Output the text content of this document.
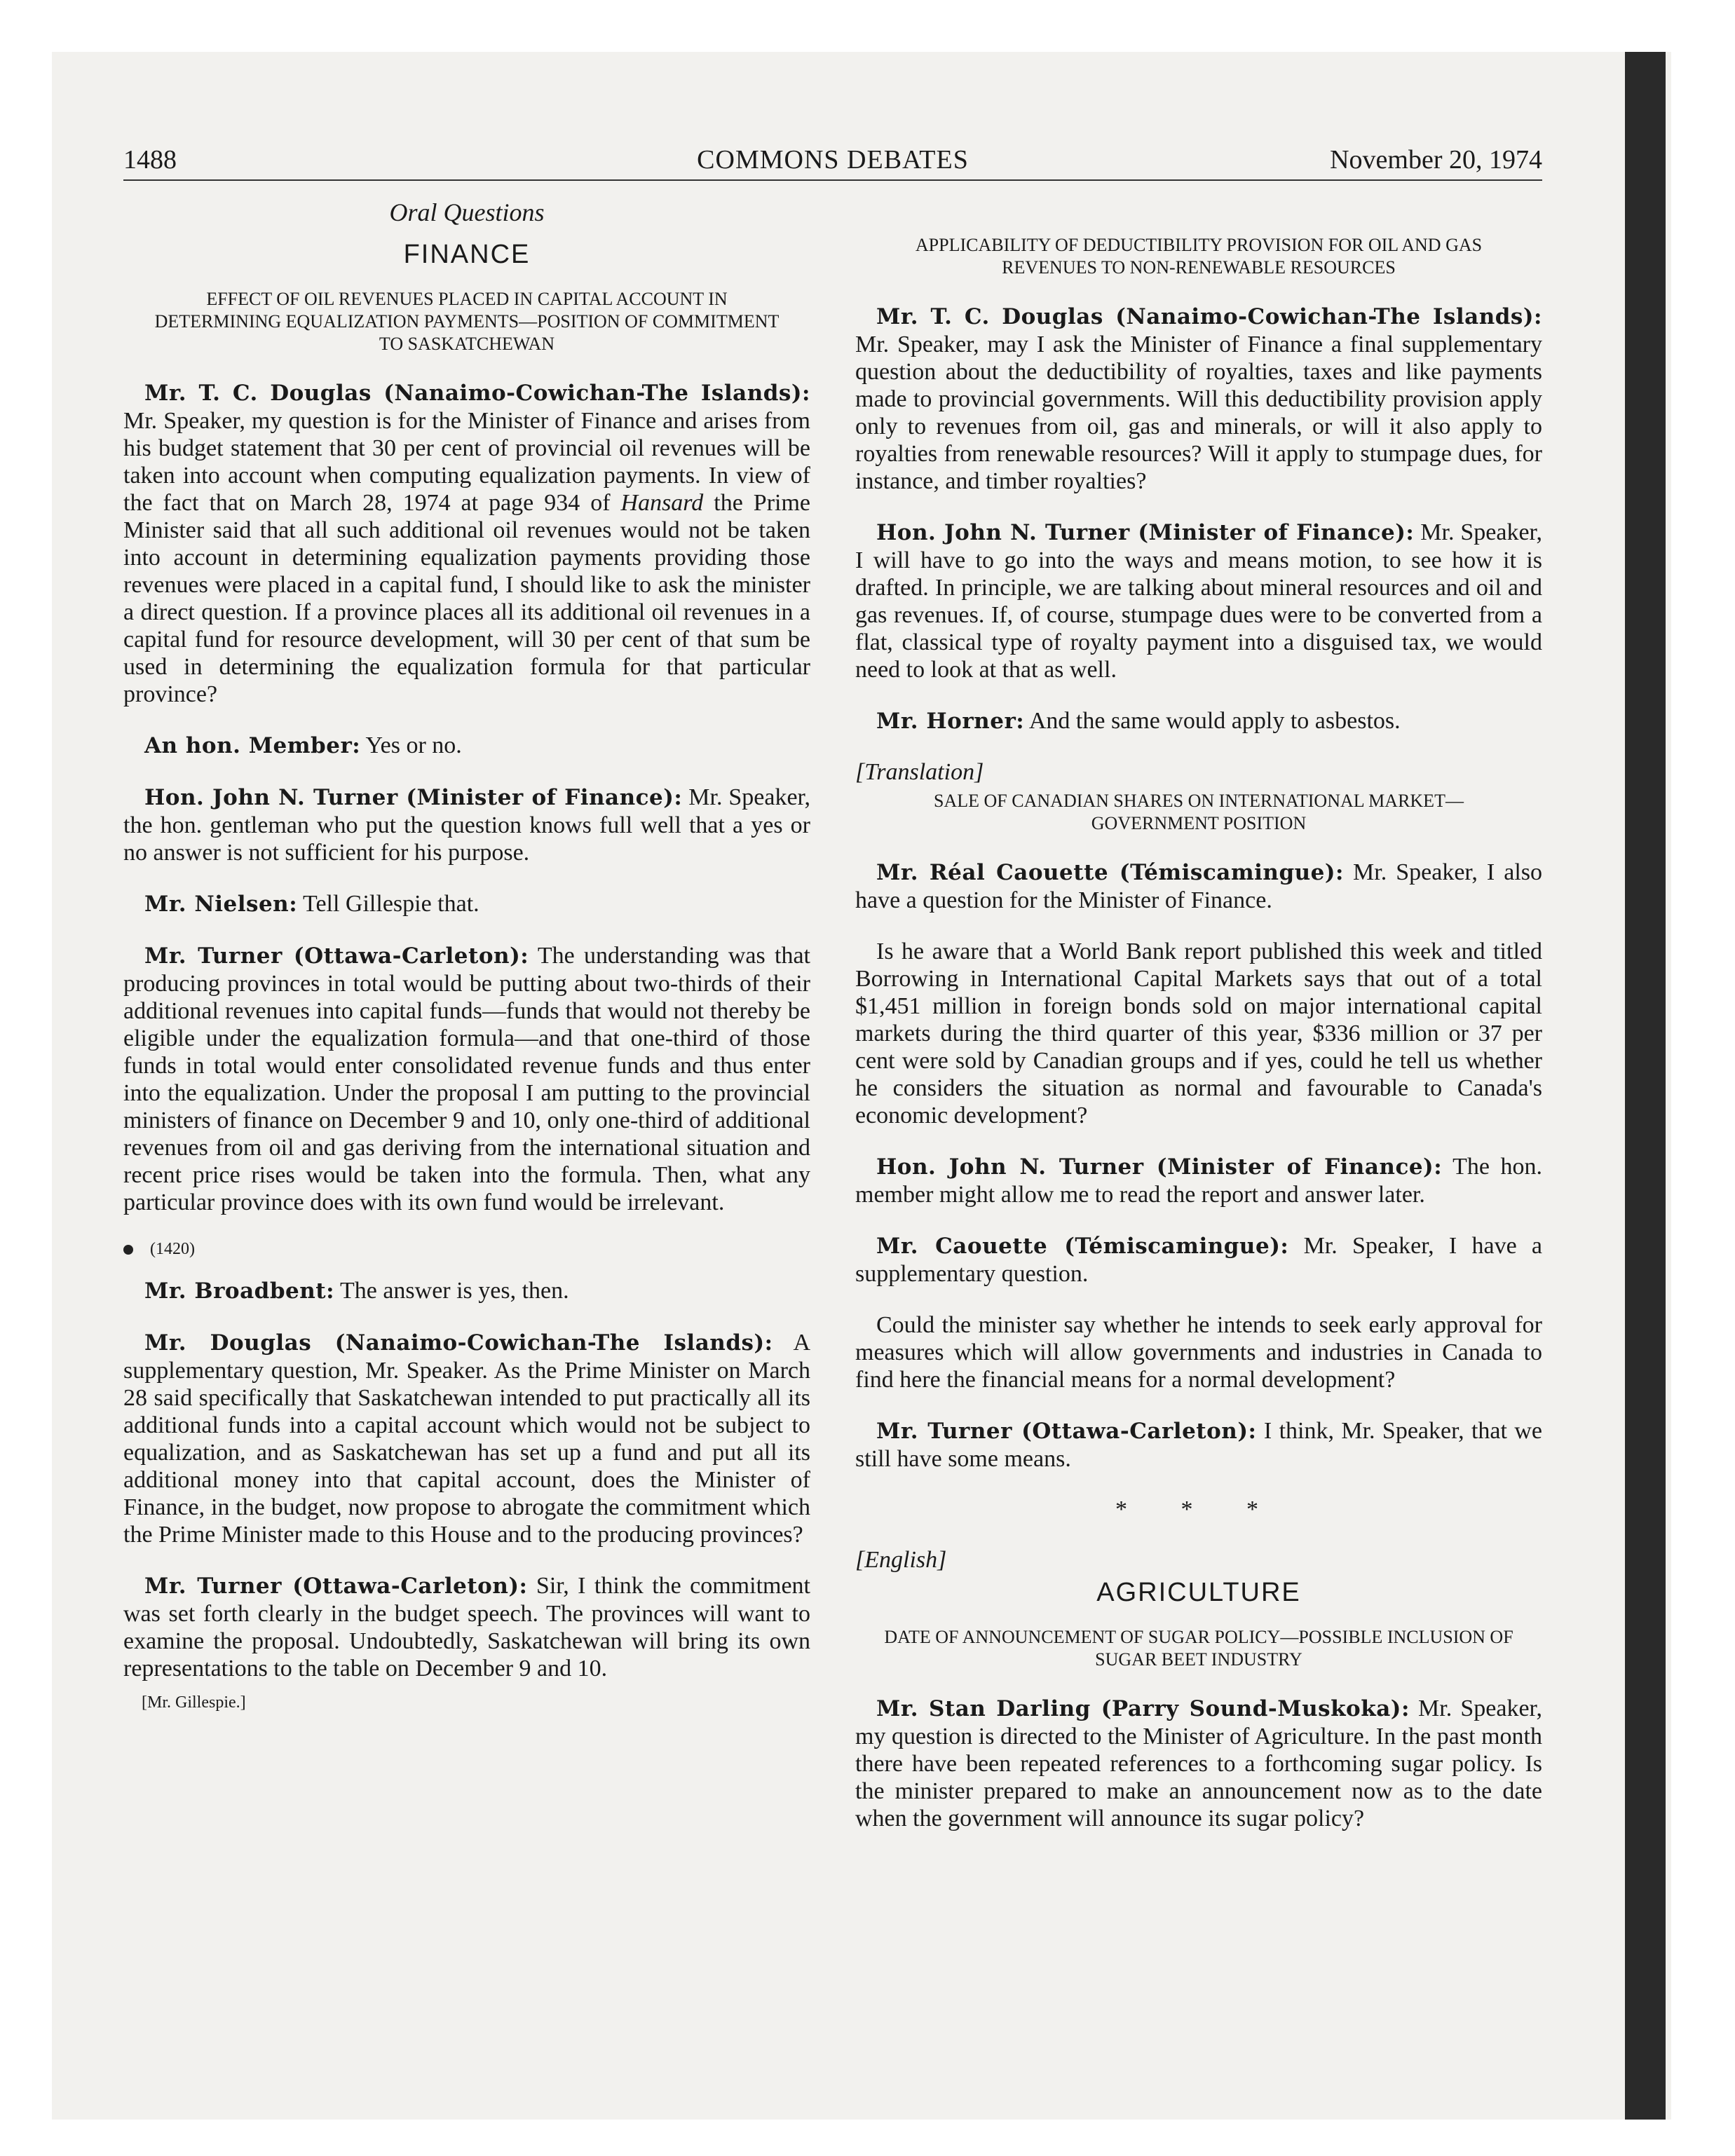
1488	COMMONS DEBATES	November 20, 1974
Oral Questions
FINANCE
EFFECT OF OIL REVENUES PLACED IN CAPITAL ACCOUNT IN DETERMINING EQUALIZATION PAYMENTS—POSITION OF COMMITMENT TO SASKATCHEWAN

Mr. T. C. Douglas (Nanaimo-Cowichan-The Islands): Mr. Speaker, my question is for the Minister of Finance and arises from his budget statement that 30 per cent of provincial oil revenues will be taken into account when computing equalization payments. In view of the fact that on March 28, 1974 at page 934 of Hansard the Prime Minister said that all such additional oil revenues would not be taken into account in determining equalization payments providing those revenues were placed in a capital fund, I should like to ask the minister a direct question. If a province places all its additional oil revenues in a capital fund for resource development, will 30 per cent of that sum be used in determining the equalization formula for that particular province?

An hon. Member: Yes or no.

Hon. John N. Turner (Minister of Finance): Mr. Speaker, the hon. gentleman who put the question knows full well that a yes or no answer is not sufficient for his purpose.

Mr. Nielsen: Tell Gillespie that.

Mr. Turner (Ottawa-Carleton): The understanding was that producing provinces in total would be putting about two-thirds of their additional revenues into capital funds—funds that would not thereby be eligible under the equalization formula—and that one-third of those funds in total would enter consolidated revenue funds and thus enter into the equalization. Under the proposal I am putting to the provincial ministers of finance on December 9 and 10, only one-third of additional revenues from oil and gas deriving from the international situation and recent price rises would be taken into the formula. Then, what any particular province does with its own fund would be irrelevant.

(1420)

Mr. Broadbent: The answer is yes, then.

Mr. Douglas (Nanaimo-Cowichan-The Islands): A supplementary question, Mr. Speaker. As the Prime Minister on March 28 said specifically that Saskatchewan intended to put practically all its additional funds into a capital account which would not be subject to equalization, and as Saskatchewan has set up a fund and put all its additional money into that capital account, does the Minister of Finance, in the budget, now propose to abrogate the commitment which the Prime Minister made to this House and to the producing provinces?

Mr. Turner (Ottawa-Carleton): Sir, I think the commitment was set forth clearly in the budget speech. The provinces will want to examine the proposal. Undoubtedly, Saskatchewan will bring its own representations to the table on December 9 and 10.

[Mr. Gillespie.]
APPLICABILITY OF DEDUCTIBILITY PROVISION FOR OIL AND GAS REVENUES TO NON-RENEWABLE RESOURCES

Mr. T. C. Douglas (Nanaimo-Cowichan-The Islands): Mr. Speaker, may I ask the Minister of Finance a final supplementary question about the deductibility of royalties, taxes and like payments made to provincial governments. Will this deductibility provision apply only to revenues from oil, gas and minerals, or will it also apply to royalties from renewable resources? Will it apply to stumpage dues, for instance, and timber royalties?

Hon. John N. Turner (Minister of Finance): Mr. Speaker, I will have to go into the ways and means motion, to see how it is drafted. In principle, we are talking about mineral resources and oil and gas revenues. If, of course, stumpage dues were to be converted from a flat, classical type of royalty payment into a disguised tax, we would need to look at that as well.

Mr. Horner: And the same would apply to asbestos.

[Translation]
SALE OF CANADIAN SHARES ON INTERNATIONAL MARKET—GOVERNMENT POSITION

Mr. Réal Caouette (Témiscamingue): Mr. Speaker, I also have a question for the Minister of Finance.

Is he aware that a World Bank report published this week and titled Borrowing in International Capital Markets says that out of a total $1,451 million in foreign bonds sold on major international capital markets during the third quarter of this year, $336 million or 37 per cent were sold by Canadian groups and if yes, could he tell us whether he considers the situation as normal and favourable to Canada's economic development?

Hon. John N. Turner (Minister of Finance): The hon. member might allow me to read the report and answer later.

Mr. Caouette (Témiscamingue): Mr. Speaker, I have a supplementary question.

Could the minister say whether he intends to seek early approval for measures which will allow governments and industries in Canada to find here the financial means for a normal development?

Mr. Turner (Ottawa-Carleton): I think, Mr. Speaker, that we still have some means.

* * *
[English]
AGRICULTURE
DATE OF ANNOUNCEMENT OF SUGAR POLICY—POSSIBLE INCLUSION OF SUGAR BEET INDUSTRY

Mr. Stan Darling (Parry Sound-Muskoka): Mr. Speaker, my question is directed to the Minister of Agriculture. In the past month there have been repeated references to a forthcoming sugar policy. Is the minister prepared to make an announcement now as to the date when the government will announce its sugar policy?
